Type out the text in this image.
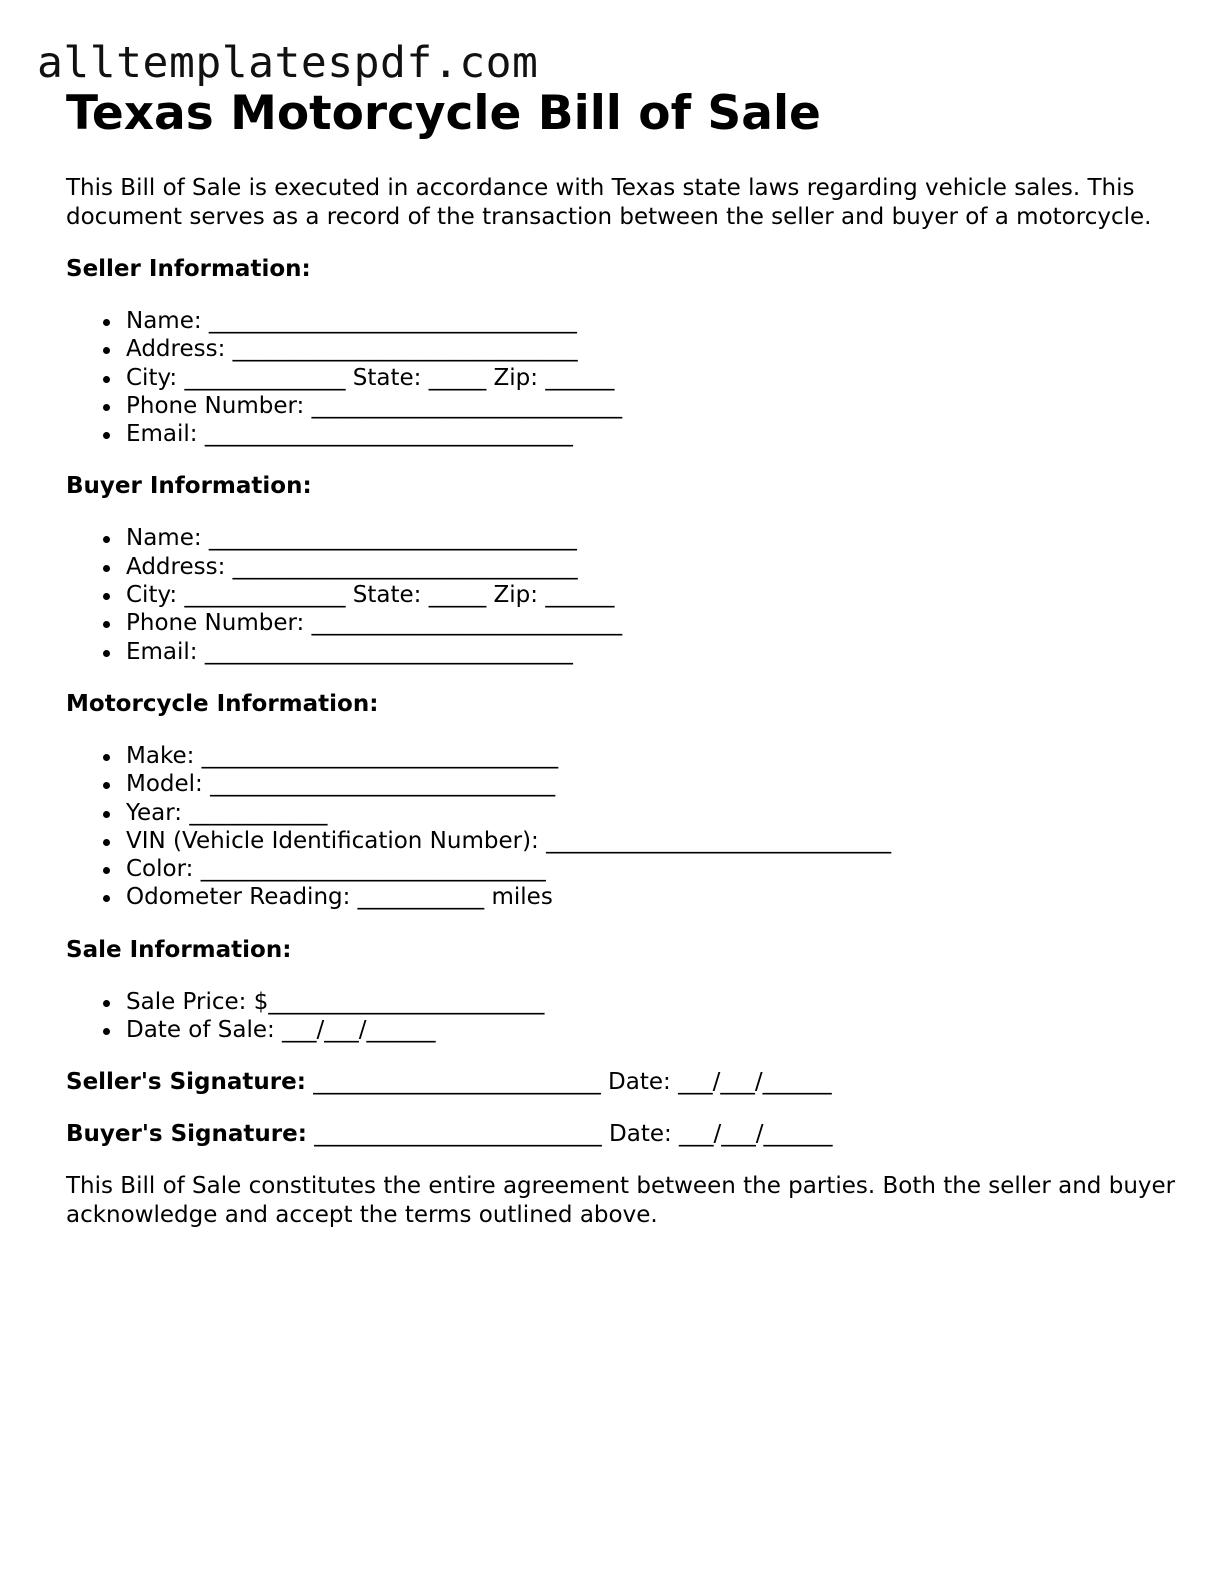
alltemplatespdf.com
Texas Motorcycle Bill of Sale

This Bill of Sale is executed in accordance with Texas state laws regarding vehicle sales. This document serves as a record of the transaction between the seller and buyer of a motorcycle.

Seller Information:

Name: ________________________________
Address: ______________________________
City: ______________ State: _____ Zip: ______
Phone Number: ___________________________
Email: ________________________________

Buyer Information:

Name: ________________________________
Address: ______________________________
City: ______________ State: _____ Zip: ______
Phone Number: ___________________________
Email: ________________________________

Motorcycle Information:

Make: _______________________________
Model: ______________________________
Year: ____________
VIN (Vehicle Identification Number): ______________________________
Color: ______________________________
Odometer Reading: ___________ miles

Sale Information:

Sale Price: $________________________
Date of Sale: ___/___/______

Seller's Signature: _________________________ Date: ___/___/______

Buyer's Signature: _________________________ Date: ___/___/______

This Bill of Sale constitutes the entire agreement between the parties. Both the seller and buyer acknowledge and accept the terms outlined above.
